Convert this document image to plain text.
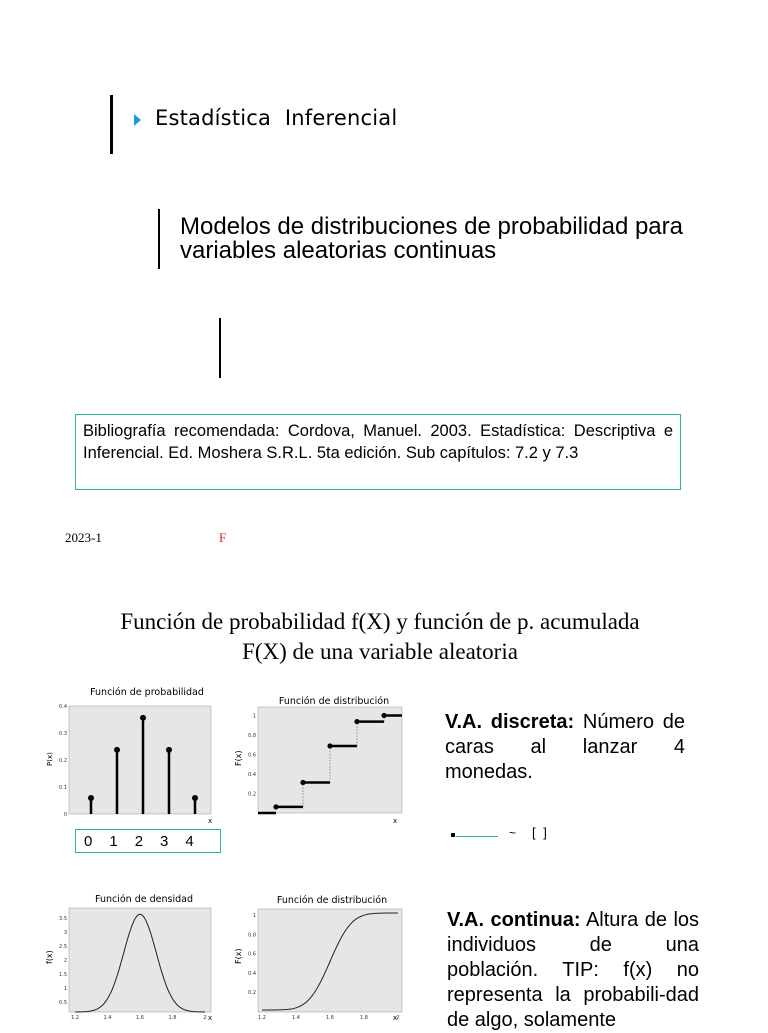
Estadística  Inferencial
Modelos de distribuciones de probabilidad para
variables aleatorias continuas
Bibliografía recomendada: Cordova, Manuel. 2003. Estadística: Descriptiva e Inferencial. Ed. Moshera S.R.L. 5ta edición. Sub capítulos: 7.2 y 7.3
2023-1	F
Función de probabilidad f(X) y función de p. acumulada
F(X) de una variable aleatoria
Función de probabilidad
P(x)
x
0
0.1
0.2
0.3
0.4	Función de distribución
F(x)
x
0.2
0.4
0.6
0.8
1
0 1 2 3 4
V.A. discreta: Número de caras al lanzar 4 monedas.
~ [ ]
Función de densidad
f(x)
x
3.5
3
2.5
2
1.5
1
0.5
1.2	1.4	1.6	1.8	2
Función de distribución
F(x)
x
1
0.8
0.6
0.4
0.2
1.2	1.4	1.6	1.8	2
V.A. continua: Altura de los individuos de una población. TIP: f(x) no representa la probabili-dad de algo, solamente
